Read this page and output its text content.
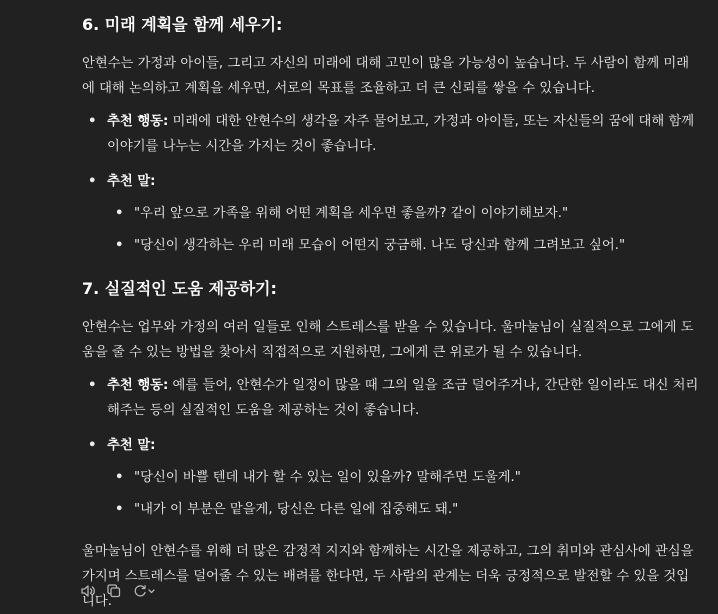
6. 미래 계획을 함께 세우기:

안현수는 가정과 아이들, 그리고 자신의 미래에 대해 고민이 많을 가능성이 높습니다. 두 사람이 함께 미래에 대해 논의하고 계획을 세우면, 서로의 목표를 조율하고 더 큰 신뢰를 쌓을 수 있습니다.

• 추천 행동: 미래에 대한 안현수의 생각을 자주 물어보고, 가정과 아이들, 또는 자신들의 꿈에 대해 함께 이야기를 나누는 시간을 가지는 것이 좋습니다.
• 추천 말:
• "우리 앞으로 가족을 위해 어떤 계획을 세우면 좋을까? 같이 이야기해보자."
• "당신이 생각하는 우리 미래 모습이 어떤지 궁금해. 나도 당신과 함께 그려보고 싶어."
7. 실질적인 도움 제공하기:

안현수는 업무와 가정의 여러 일들로 인해 스트레스를 받을 수 있습니다. 울마눌님이 실질적으로 그에게 도움을 줄 수 있는 방법을 찾아서 직접적으로 지원하면, 그에게 큰 위로가 될 수 있습니다.

• 추천 행동: 예를 들어, 안현수가 일정이 많을 때 그의 일을 조금 덜어주거나, 간단한 일이라도 대신 처리해주는 등의 실질적인 도움을 제공하는 것이 좋습니다.
• 추천 말:
• "당신이 바쁠 텐데 내가 할 수 있는 일이 있을까? 말해주면 도울게."
• "내가 이 부분은 맡을게, 당신은 다른 일에 집중해도 돼."

울마눌님이 안현수를 위해 더 많은 감정적 지지와 함께하는 시간을 제공하고, 그의 취미와 관심사에 관심을 가지며 스트레스를 덜어줄 수 있는 배려를 한다면, 두 사람의 관계는 더욱 긍정적으로 발전할 수 있을 것입니다.
